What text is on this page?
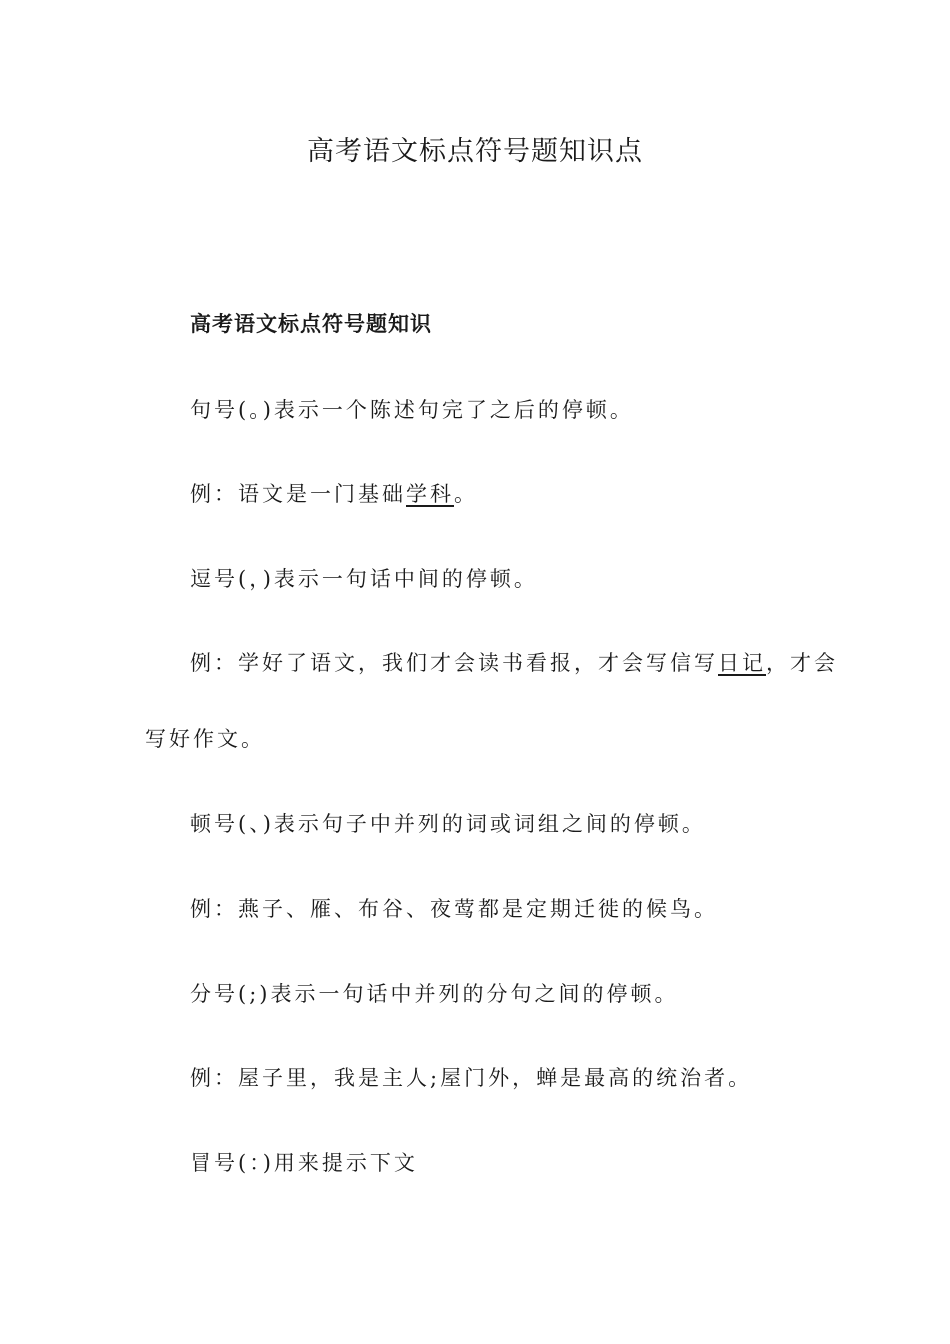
高考语文标点符号题知识点
高考语文标点符号题知识
句号(。)表示一个陈述句完了之后的停顿。
例：语文是一门基础学科。
逗号(，)表示一句话中间的停顿。
例：学好了语文，我们才会读书看报，才会写信写日记，才会
写好作文。
顿号(、)表示句子中并列的词或词组之间的停顿。
例：燕子、雁、布谷、夜莺都是定期迁徙的候鸟。
分号(;)表示一句话中并列的分句之间的停顿。
例：屋子里，我是主人;屋门外，蝉是最高的统治者。
冒号(：)用来提示下文
